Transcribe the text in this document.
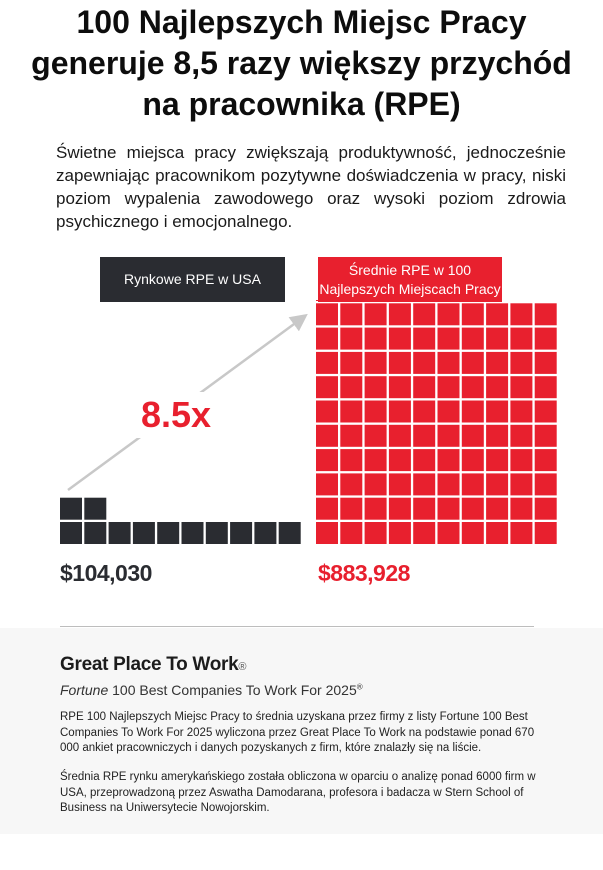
100 Najlepszych Miejsc Pracy generuje 8,5 razy większy przychód na pracownika (RPE)
Świetne miejsca pracy zwiększają produktywność, jednocześnie zapewniając pracownikom pozytywne doświadczenia w pracy, niski poziom wypalenia zawodowego oraz wysoki poziom zdrowia psychicznego i emocjonalnego.
Rynkowe RPE w USA
Średnie RPE w 100
Najlepszych Miejscach Pracy
8.5x
$104,030	$883,928
Great Place To Work®
Fortune 100 Best Companies To Work For 2025®
RPE 100 Najlepszych Miejsc Pracy to średnia uzyskana przez firmy z listy Fortune 100 Best Companies To Work For 2025 wyliczona przez Great Place To Work na podstawie ponad 670 000 ankiet pracowniczych i danych pozyskanych z firm, które znalazły się na liście.
Średnia RPE rynku amerykańskiego została obliczona w oparciu o analizę ponad 6000 firm w USA, przeprowadzoną przez Aswatha Damodarana, profesora i badacza w Stern School of Business na Uniwersytecie Nowojorskim.
